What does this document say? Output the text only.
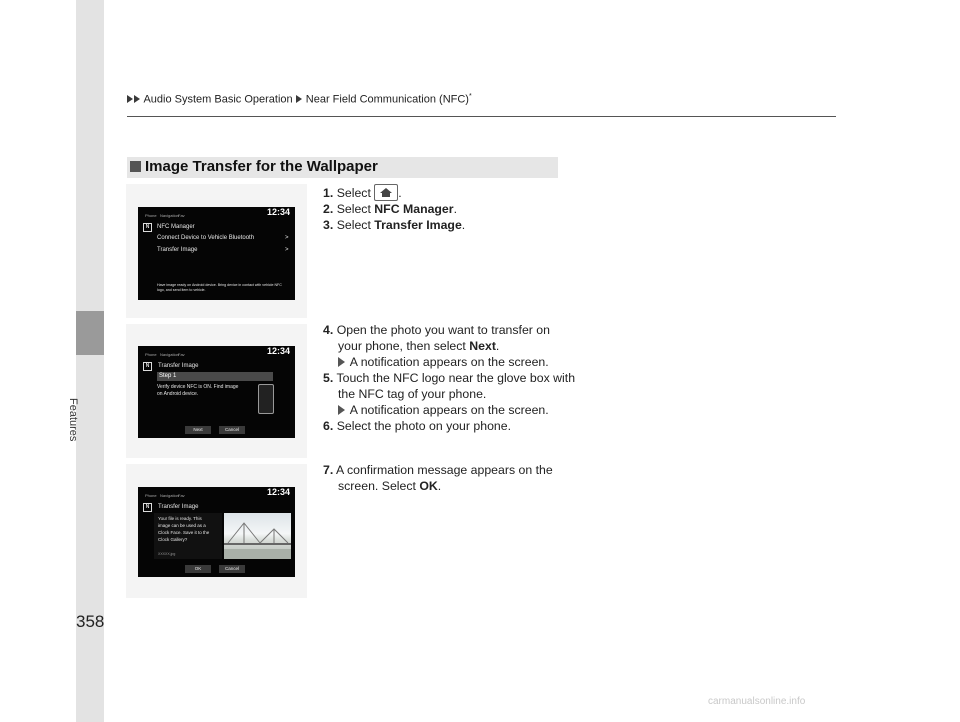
Features
Audio System Basic Operation Near Field Communication (NFC)*
Image Transfer for the Wallpaper
Phone Navigation Fav	12:34
N	NFC Manager
Connect Device to Vehicle Bluetooth	>
Transfer Image	>
Have image ready on Android device. Bring device in contact with vehicle NFC
logo, and send item to vehicle.
Phone Navigation Fav	12:34
N	Transfer Image
Step 1
Verify device NFC is ON. Find image
on Android device.
Next	Cancel
Phone Navigation Fav	12:34
N	Transfer Image
Your file is ready. This
image can be used as a
Clock Face. Save it to the
Clock Gallery?
XXXXX.jpg
OK	Cancel
1. Select .
2. Select NFC Manager.
3. Select Transfer Image.
4. Open the photo you want to transfer on
your phone, then select Next.
A notification appears on the screen.
5. Touch the NFC logo near the glove box with
the NFC tag of your phone.
A notification appears on the screen.
6. Select the photo on your phone.
7. A confirmation message appears on the
screen. Select OK.
358
carmanualsonline.info
